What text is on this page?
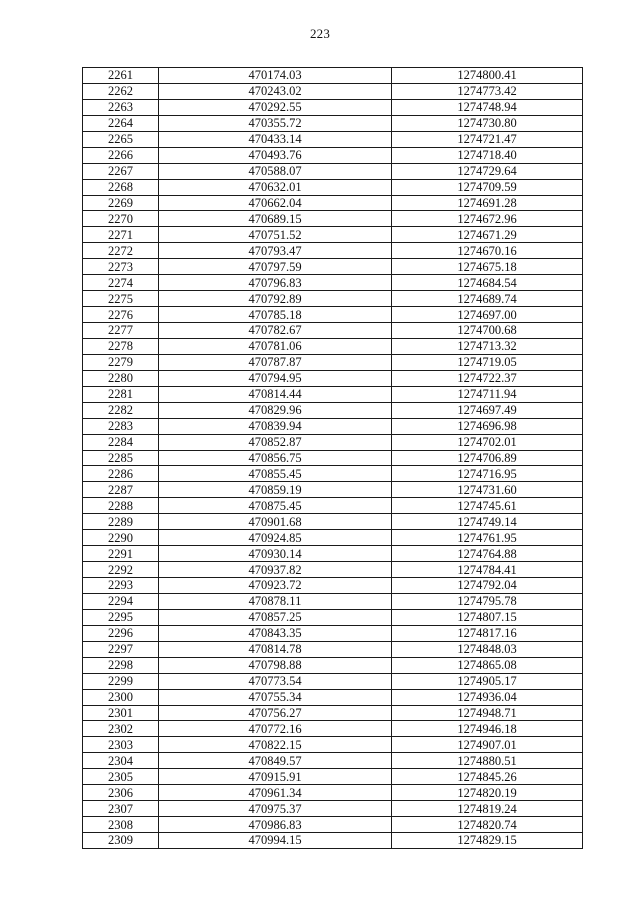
223
2261	470174.03	1274800.41
2262	470243.02	1274773.42
2263	470292.55	1274748.94
2264	470355.72	1274730.80
2265	470433.14	1274721.47
2266	470493.76	1274718.40
2267	470588.07	1274729.64
2268	470632.01	1274709.59
2269	470662.04	1274691.28
2270	470689.15	1274672.96
2271	470751.52	1274671.29
2272	470793.47	1274670.16
2273	470797.59	1274675.18
2274	470796.83	1274684.54
2275	470792.89	1274689.74
2276	470785.18	1274697.00
2277	470782.67	1274700.68
2278	470781.06	1274713.32
2279	470787.87	1274719.05
2280	470794.95	1274722.37
2281	470814.44	1274711.94
2282	470829.96	1274697.49
2283	470839.94	1274696.98
2284	470852.87	1274702.01
2285	470856.75	1274706.89
2286	470855.45	1274716.95
2287	470859.19	1274731.60
2288	470875.45	1274745.61
2289	470901.68	1274749.14
2290	470924.85	1274761.95
2291	470930.14	1274764.88
2292	470937.82	1274784.41
2293	470923.72	1274792.04
2294	470878.11	1274795.78
2295	470857.25	1274807.15
2296	470843.35	1274817.16
2297	470814.78	1274848.03
2298	470798.88	1274865.08
2299	470773.54	1274905.17
2300	470755.34	1274936.04
2301	470756.27	1274948.71
2302	470772.16	1274946.18
2303	470822.15	1274907.01
2304	470849.57	1274880.51
2305	470915.91	1274845.26
2306	470961.34	1274820.19
2307	470975.37	1274819.24
2308	470986.83	1274820.74
2309	470994.15	1274829.15
